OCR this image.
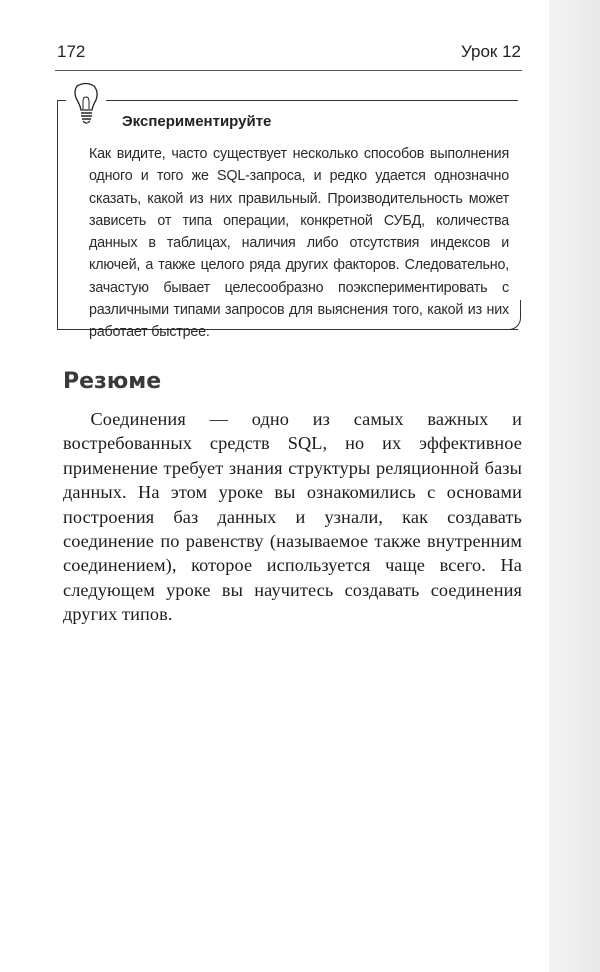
172	Урок 12
Экспериментируйте

Как видите, часто существует несколько способов выполнения одного и того же SQL-запроса, и редко удается однозначно сказать, какой из них правильный. Производительность может зависеть от типа операции, конкретной СУБД, количества данных в таблицах, наличия либо отсутствия индексов и ключей, а также целого ряда других факторов. Следовательно, зачастую бывает целесообразно поэкспериментировать с различными типами запросов для выяснения того, какой из них работает быстрее.

Резюме

Соединения — одно из самых важных и востребованных средств SQL, но их эффективное применение требует знания структуры реляционной базы данных. На этом уроке вы ознакомились с основами построения баз данных и узнали, как создавать соединение по равенству (называемое также внутренним соединением), которое используется чаще всего. На следующем уроке вы научитесь создавать соединения других типов.
